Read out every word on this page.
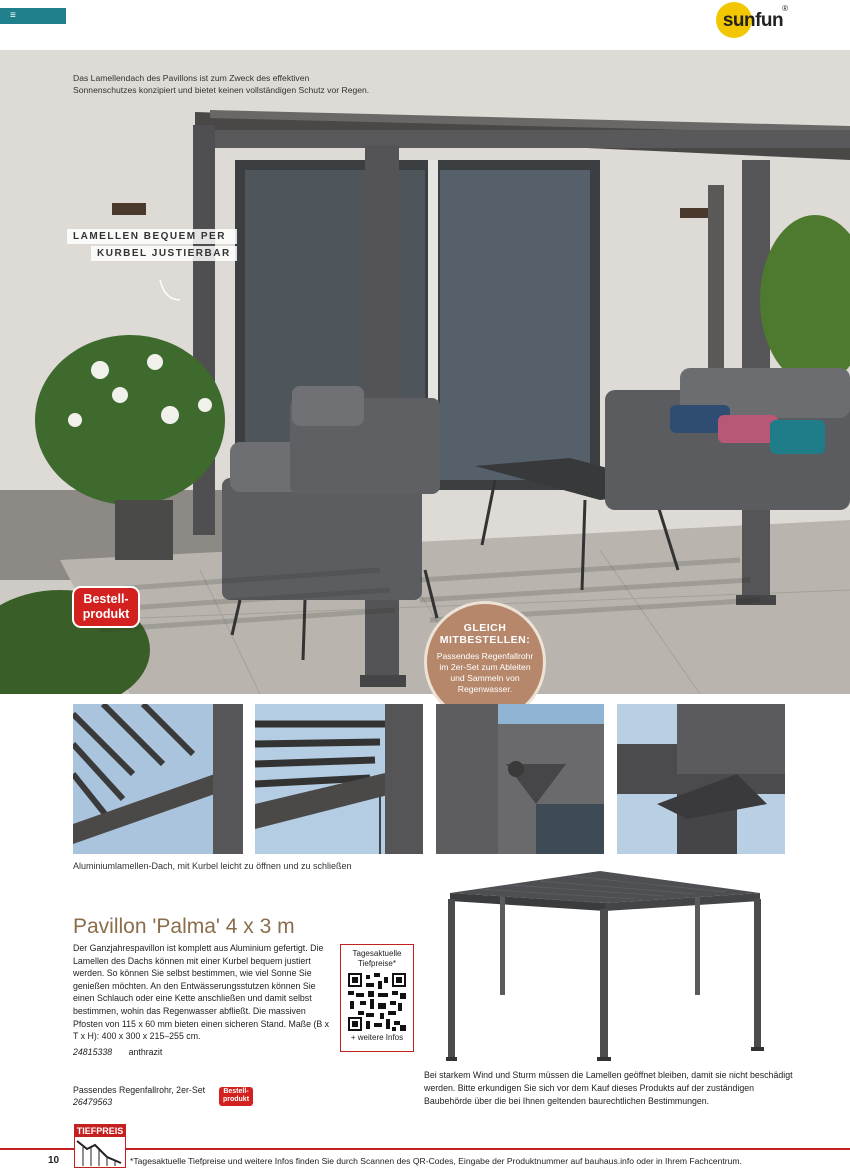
≡	sunfun
®
Das Lamellendach des Pavillons ist zum Zweck des effektiven Sonnenschutzes konzipiert und bietet keinen vollständigen Schutz vor Regen.
LAMELLEN BEQUEM PER
KURBEL JUSTIERBAR
Bestell-
produkt
GLEICH
MITBESTELLEN:
Passendes Regenfallrohr im 2er-Set zum Ableiten und Sammeln von Regenwasser.
Aluminiumlamellen-Dach, mit Kurbel leicht zu öffnen und zu schließen
Pavillon 'Palma' 4 x 3 m
Der Ganzjahrespavillon ist komplett aus Aluminium gefertigt. Die Lamellen des Dachs können mit einer Kurbel bequem justiert werden. So können Sie selbst bestimmen, wie viel Sonne Sie genießen möchten. An den Entwässerungsstutzen können Sie einen Schlauch oder eine Kette anschließen und damit selbst bestimmen, wohin das Regenwasser abfließt. Die massiven Pfosten von 115 x 60 mm bieten einen sicheren Stand. Maße (B x T x H): 400 x 300 x 215–255 cm.
24815338 anthrazit
Passendes Regenfallrohr, 2er-Set
26479563
Bestell-
produkt
Tagesaktuelle
Tiefpreise*
+ weitere Infos
Bei starkem Wind und Sturm müssen die Lamellen geöffnet bleiben, damit sie nicht beschädigt werden. Bitte erkundigen Sie sich vor dem Kauf dieses Produkts auf der zuständigen Baubehörde über die bei Ihnen geltenden baurechtlichen Bestimmungen.
TIEFPREIS
10	*Tagesaktuelle Tiefpreise und weitere Infos finden Sie durch Scannen des QR-Codes, Eingabe der Produktnummer auf bauhaus.info oder in Ihrem Fachcentrum.
